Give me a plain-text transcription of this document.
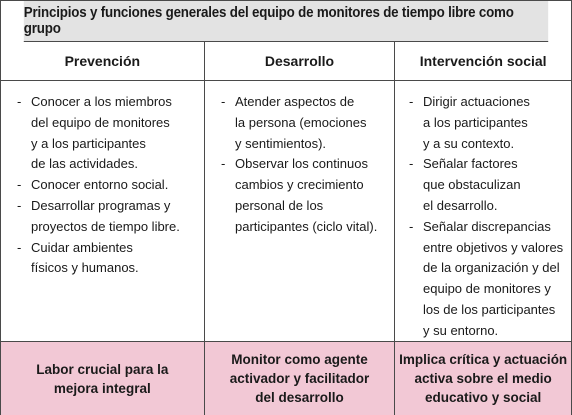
Principios y funciones generales del equipo de monitores de tiempo libre como grupo
Prevención	Desarrollo	Intervención social
- Conocer a los miembros
del equipo de monitores
y a los participantes
de las actividades.
- Conocer entorno social.
- Desarrollar programas y
proyectos de tiempo libre.
- Cuidar ambientes
físicos y humanos.
- Atender aspectos de
la persona (emociones
y sentimientos).
- Observar los continuos
cambios y crecimiento
personal de los
participantes (ciclo vital).
- Dirigir actuaciones
a los participantes
y a su contexto.
- Señalar factores
que obstaculizan
el desarrollo.
- Señalar discrepancias
entre objetivos y valores
de la organización y del
equipo de monitores y
los de los participantes
y su entorno.
Labor crucial para la
mejora integral
Monitor como agente
activador y facilitador
del desarrollo
Implica crítica y actuación
activa sobre el medio
educativo y social
